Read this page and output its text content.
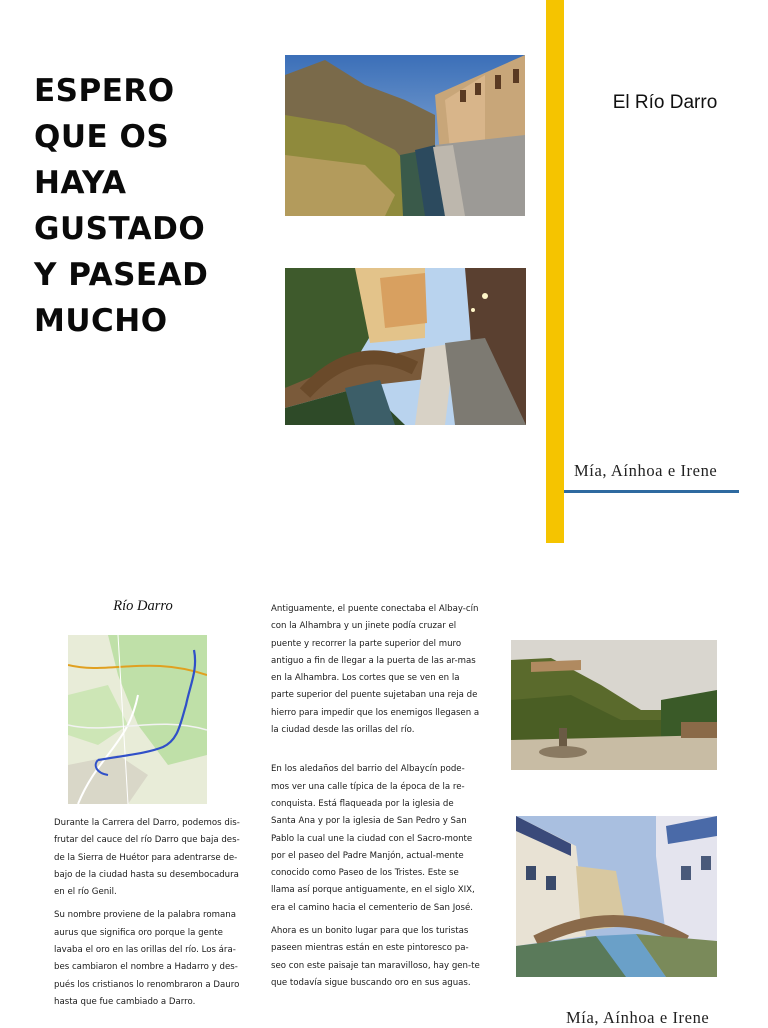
ESPERO
QUE OS
HAYA
GUSTADO
Y PASEAD
MUCHO
El Río Darro

Mía, Aínhoa e Irene

Río Darro

Durante la Carrera del Darro, podemos dis-frutar del cauce del río Darro que baja des-de la Sierra de Huétor para adentrarse de-bajo de la ciudad hasta su desembocadura en el río Genil.

Su nombre proviene de la palabra romana aurus que significa oro porque la gente lavaba el oro en las orillas del río. Los ára-bes cambiaron el nombre a Hadarro y des-pués los cristianos lo renombraron a Dauro hasta que fue cambiado a Darro.

Antiguamente, el puente conectaba el Albay-cín con la Alhambra y un jinete podía cruzar el puente y recorrer la parte superior del muro antiguo a fin de llegar a la puerta de las ar-mas en la Alhambra. Los cortes que se ven en la parte superior del puente sujetaban una reja de hierro para impedir que los enemigos llegasen a la ciudad desde las orillas del río.

En los aledaños del barrio del Albaycín pode-mos ver una calle típica de la época de la re-conquista. Está flaqueada por la iglesia de Santa Ana y por la iglesia de San Pedro y San Pablo la cual une la ciudad con el Sacro-monte por el paseo del Padre Manjón, actual-mente conocido como Paseo de los Tristes. Este se llama así porque antiguamente, en el siglo XIX, era el camino hacia el cementerio de San José.

Ahora es un bonito lugar para que los turistas paseen mientras están en este pintoresco pa-seo con este paisaje tan maravilloso, hay gen-te que todavía sigue buscando oro en sus aguas.

Mía, Aínhoa e Irene
